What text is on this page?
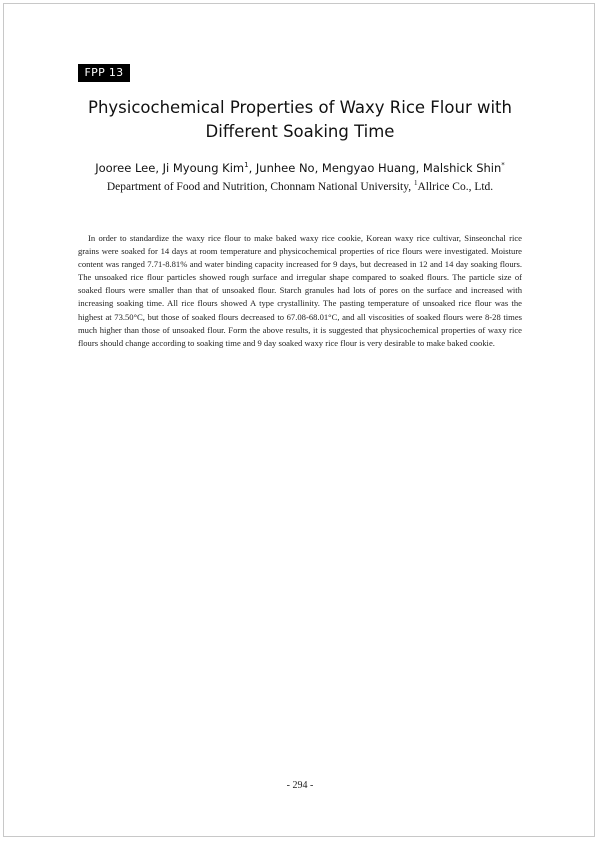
FPP 13
Physicochemical Properties of Waxy Rice Flour with
Different Soaking Time
Jooree Lee, Ji Myoung Kim$^1$, Junhee No, Mengyao Huang, Malshick Shin*
Department of Food and Nutrition, Chonnam National University, $^1$Allrice Co., Ltd.

In order to standardize the waxy rice flour to make baked waxy rice cookie, Korean waxy rice cultivar, Sinseonchal rice grains were soaked for 14 days at room temperature and physicochemical properties of rice flours were investigated. Moisture content was ranged 7.71-8.81% and water binding capacity increased for 9 days, but decreased in 12 and 14 day soaking flours. The unsoaked rice flour particles showed rough surface and irregular shape compared to soaked flours. The particle size of soaked flours were smaller than that of unsoaked flour. Starch granules had lots of pores on the surface and increased with increasing soaking time. All rice flours showed A type crystallinity. The pasting temperature of unsoaked rice flour was the highest at 73.50°C, but those of soaked flours decreased to 67.08-68.01°C, and all viscosities of soaked flours were 8-28 times much higher than those of unsoaked flour. Form the above results, it is suggested that physicochemical properties of waxy rice flours should change according to soaking time and 9 day soaked waxy rice flour is very desirable to make baked cookie.

- 294 -
